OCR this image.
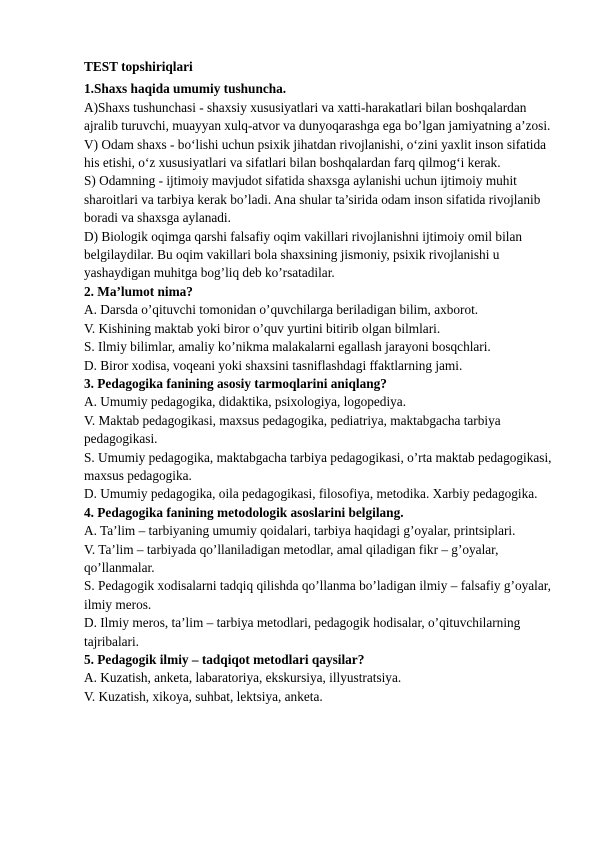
TEST topshiriqlari

1.Shaxs haqida umumiy tushuncha.

A)Shaxs tushunchasi - shaxsiy xususiyatlari va xatti-harakatlari bilan boshqalardan ajralib turuvchi, muayyan xulq-atvor va dunyoqarashga ega bo’lgan jamiyatning a’zosi.

V) Odam shaxs - bo‘lishi uchun psixik jihatdan rivojlanishi, o‘zini yaxlit inson sifatida his etishi, o‘z xususiyatlari va sifatlari bilan boshqalardan farq qilmog‘i kerak.

S) Odamning - ijtimoiy mavjudot sifatida shaxsga aylanishi uchun ijtimoiy muhit sharoitlari va tarbiya kerak bo’ladi. Ana shular ta’sirida odam inson sifatida rivojlanib boradi va shaxsga aylanadi.

D) Biologik oqimga qarshi falsafiy oqim vakillari rivojlanishni ijtimoiy omil bilan belgilaydilar. Bu oqim vakillari bola shaxsining jismoniy, psixik rivojlanishi u yashaydigan muhitga bog’liq deb ko’rsatadilar.

2. Ma’lumot nima?

A. Darsda o’qituvchi tomonidan o’quvchilarga beriladigan bilim, axborot.

V. Kishining maktab yoki biror o’quv yurtini bitirib olgan bilmlari.

S. Ilmiy bilimlar, amaliy ko’nikma malakalarni egallash jarayoni bosqchlari.

D. Biror xodisa, voqeani yoki shaxsini tasniflashdagi ffaktlarning jami.

3. Pedagogika fanining asosiy tarmoqlarini aniqlang?

A. Umumiy pedagogika, didaktika, psixologiya, logopediya.

V. Maktab pedagogikasi, maxsus pedagogika, pediatriya, maktabgacha tarbiya pedagogikasi.

S. Umumiy pedagogika, maktabgacha tarbiya pedagogikasi, o’rta maktab pedagogikasi, maxsus pedagogika.

D. Umumiy pedagogika, oila pedagogikasi, filosofiya, metodika. Xarbiy pedagogika.

4. Pedagogika fanining metodologik asoslarini belgilang.

A. Ta’lim – tarbiyaning umumiy qoidalari, tarbiya haqidagi g’oyalar, printsiplari.

V. Ta’lim – tarbiyada qo’llaniladigan metodlar, amal qiladigan fikr – g’oyalar, qo’llanmalar.

S. Pedagogik xodisalarni tadqiq qilishda qo’llanma bo’ladigan ilmiy – falsafiy g’oyalar, ilmiy meros.

D. Ilmiy meros, ta’lim – tarbiya metodlari, pedagogik hodisalar, o’qituvchilarning tajribalari.

5. Pedagogik ilmiy – tadqiqot metodlari qaysilar?

A. Kuzatish, anketa, labaratoriya, ekskursiya, illyustratsiya.

V. Kuzatish, xikoya, suhbat, lektsiya, anketa.
